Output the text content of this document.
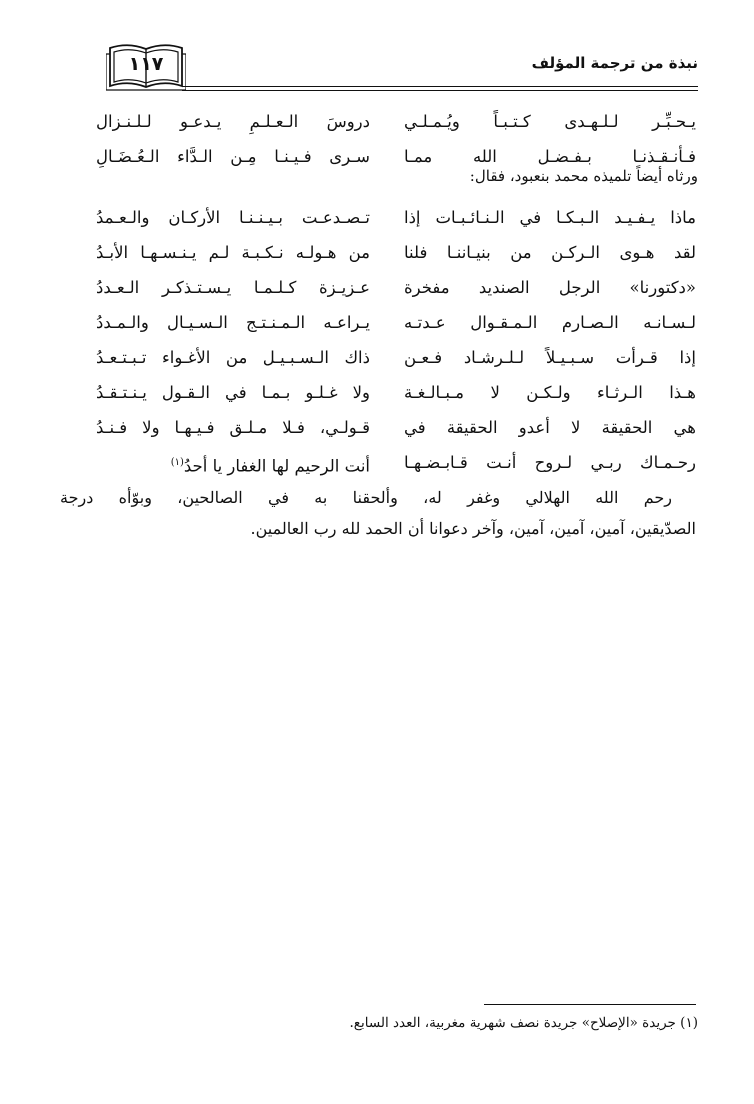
١١٧	نبذة من ترجمة المؤلف
يـحـبِّـر لـلـهـدى كـتـبـاً ويُـمـلـي
دروسَ الـعـلـمِ يـدعـو لـلـنـزال
فـأنـقـذنـا بـفـضـل الله ممـا
سـرى فـيـنـا مِـن الـدَّاء الـعُـضَـالِ
ورثاه أيضاً تلميذه محمد بنعبود، فقال:
ماذا يـفـيـد الـبـكـا في الـنـائـبـات إذا
تـصـدعـت بـيـنـنـا الأركـان والـعـمدُ
لقد هـوى الـركـن من بنيـاننـا فلنا
من هـولـه نـكـبـة لـم يـنـسـهـا الأبـدُ
«دكتورنا» الرجل الصنديد مفخرة
عـزيـزة كـلـمـا يـسـتـذكـر الـعـددُ
لـسـانـه الـصـارم الـمـقـوال عـدتـه
يـراعـه الـمـنـتـج الـسـيـال والـمـددُ
إذا قـرأت سـبـيـلاً لـلـرشـاد فـعـن
ذاك الـسـبـيـل من الأغـواء تـبـتـعـدُ
هـذا الـرثـاء ولـكـن لا مـبـالـغـة
ولا غـلـو بـمـا في الـقـول يـنـتـقـدُ
هي الحقيقة لا أعدو الحقيقة في
قـولـي، فـلا مـلـق فـيـهـا ولا فـنـدُ
رحـمـاك ربـي لـروح أنـت قـابـضـهـا
أنت الرحيم لها الغفار يا أحدُ$^{(١)}$

رحم الله الهلالي وغفر له، وألحقنا به في الصالحين، وبوّأه درجة

الصدّيقين، آمين، آمين، آمين، وآخر دعوانا أن الحمد لله رب العالمين.

(١) جريدة «الإصلاح» جريدة نصف شهرية مغربية، العدد السابع.
